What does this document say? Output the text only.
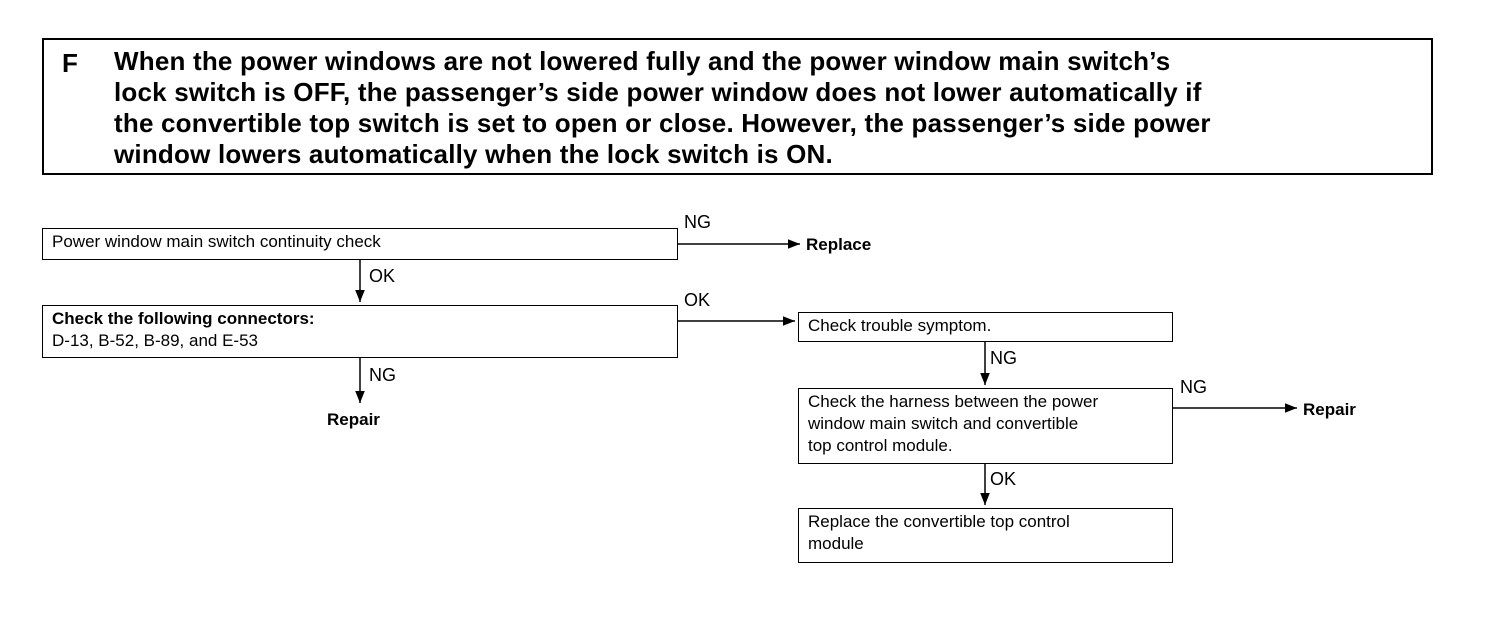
F When the power windows are not lowered fully and the power window main switch’s
lock switch is OFF, the passenger’s side power window does not lower automatically if
the convertible top switch is set to open or close. However, the passenger’s side power
window lowers automatically when the lock switch is ON.
Power window main switch continuity check
Check the following connectors:
D-13, B-52, B-89, and E-53
Check trouble symptom.
Check the harness between the power
window main switch and convertible
top control module.
Replace the convertible top control
module
Replace
Repair
Repair
NG
OK
OK
NG
NG
NG
OK
